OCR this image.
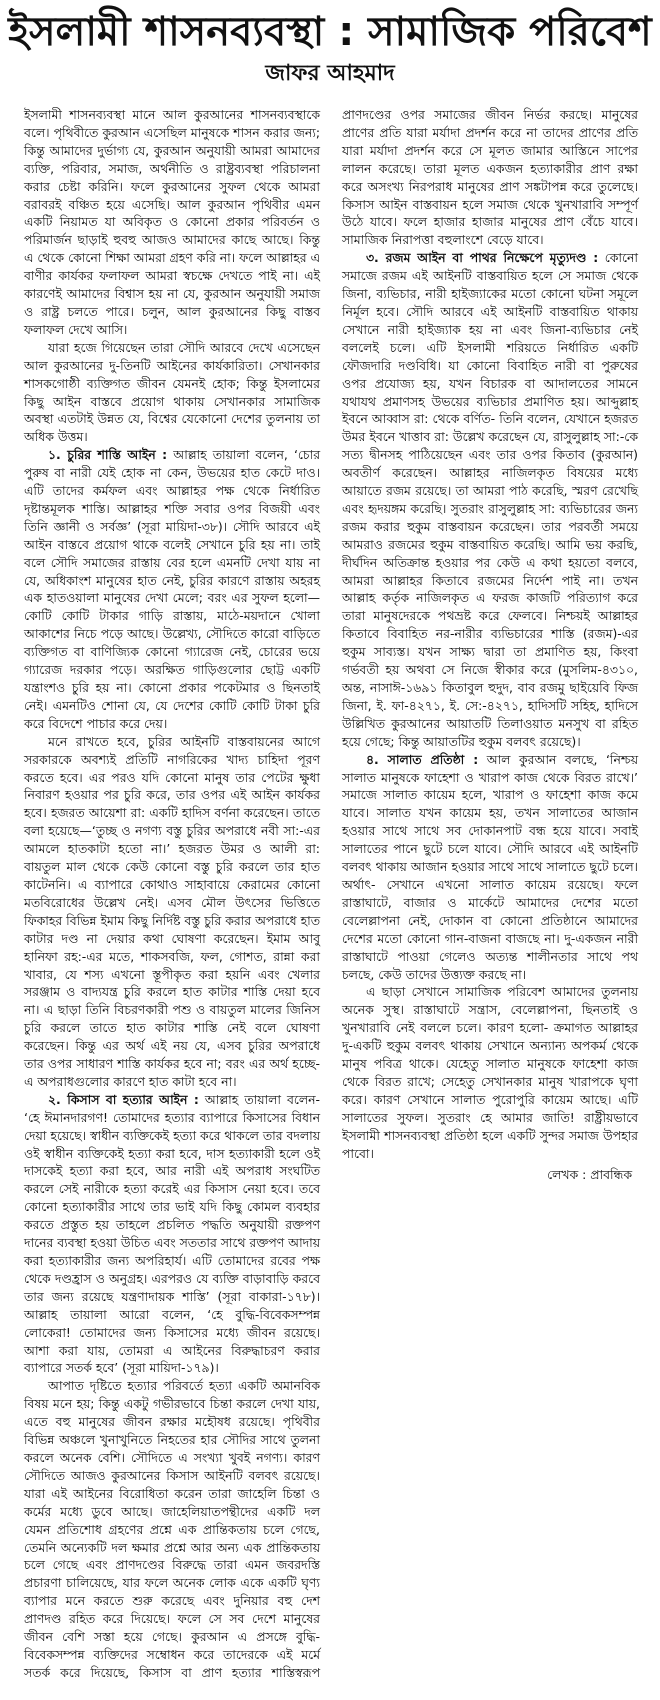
ইসলামী শাসনব্যবস্থা : সামাজিক পরিবেশ
জাফর আহমাদ

ইসলামী শাসনব্যবস্থা মানে আল কুরআনের শাসনব্যবস্থাকে বলে। পৃথিবীতে কুরআন এসেছিল মানুষকে শাসন করার জন্য; কিন্তু আমাদের দুর্ভাগ্য যে, কুরআন অনুযায়ী আমরা আমাদের ব্যক্তি, পরিবার, সমাজ, অর্থনীতি ও রাষ্ট্রব্যবস্থা পরিচালনা করার চেষ্টা করিনি। ফলে কুরআনের সুফল থেকে আমরা বরাবরই বঞ্চিত হয়ে এসেছি। আল কুরআন পৃথিবীর এমন একটি নিয়ামত যা অবিকৃত ও কোনো প্রকার পরিবর্তন ও পরিমার্জন ছাড়াই হুবহু আজও আমাদের কাছে আছে। কিন্তু এ থেকে কোনো শিক্ষা আমরা গ্রহণ করি না। ফলে আল্লাহর এ বাণীর কার্যকর ফলাফল আমরা স্বচক্ষে দেখতে পাই না। এই কারণেই আমাদের বিশ্বাস হয় না যে, কুরআন অনুযায়ী সমাজ ও রাষ্ট্র চলতে পারে। চলুন, আল কুরআনের কিছু বাস্তব ফলাফল দেখে আসি।

যারা হজে গিয়েছেন তারা সৌদি আরবে দেখে এসেছেন আল কুরআনের দু-তিনটি আইনের কার্যকারিতা। সেখানকার শাসকগোষ্ঠী ব্যক্তিগত জীবন যেমনই হোক; কিন্তু ইসলামের কিছু আইন বাস্তবে প্রয়োগ থাকায় সেখানকার সামাজিক অবস্থা এতটাই উন্নত যে, বিশ্বের যেকোনো দেশের তুলনায় তা অধিক উত্তম।

১. চুরির শাস্তি আইন : আল্লাহ তায়ালা বলেন, ‘চোর পুরুষ বা নারী যেই হোক না কেন, উভয়ের হাত কেটে দাও। এটি তাদের কর্মফল এবং আল্লাহর পক্ষ থেকে নির্ধারিত দৃষ্টান্তমূলক শাস্তি। আল্লাহর শক্তি সবার ওপর বিজয়ী এবং তিনি জ্ঞানী ও সর্বজ্ঞ’ (সূরা মায়িদা-৩৮)। সৌদি আরবে এই আইন বাস্তবে প্রয়োগ থাকে বলেই সেখানে চুরি হয় না। তাই বলে সৌদি সমাজের রাস্তায় বের হলে এমনটি দেখা যায় না যে, অধিকাংশ মানুষের হাত নেই, চুরির কারণে রাস্তায় অহরহ এক হাতওয়ালা মানুষের দেখা মেলে; বরং এর সুফল হলো—কোটি কোটি টাকার গাড়ি রাস্তায়, মাঠে-ময়দানে খোলা আকাশের নিচে পড়ে আছে। উল্লেখ্য, সৌদিতে কারো বাড়িতে ব্যক্তিগত বা বাণিজ্যিক কোনো গ্যারেজ নেই, চোরের ভয়ে গ্যারেজ দরকার পড়ে। অরক্ষিত গাড়িগুলোর ছোট্ট একটি যন্ত্রাংশও চুরি হয় না। কোনো প্রকার পকেটমার ও ছিনতাই নেই। এমনটিও শোনা যে, যে দেশের কোটি কোটি টাকা চুরি করে বিদেশে পাচার করে দেয়।

মনে রাখতে হবে, চুরির আইনটি বাস্তবায়নের আগে সরকারকে অবশ্যই প্রতিটি নাগরিকের খাদ্য চাহিদা পূরণ করতে হবে। এর পরও যদি কোনো মানুষ তার পেটের ক্ষুধা নিবারণ হওয়ার পর চুরি করে, তার ওপর এই আইন কার্যকর হবে। হজরত আয়েশা রা: একটি হাদিস বর্ণনা করেছেন। তাতে বলা হয়েছে—‘তুচ্ছ ও নগণ্য বস্তু চুরির অপরাধে নবী সা:-এর আমলে হাতকাটা হতো না।’ হজরত উমর ও আলী রা: বায়তুল মাল থেকে কেউ কোনো বস্তু চুরি করলে তার হাত কাটেননি। এ ব্যাপারে কোথাও সাহাবায়ে কেরামের কোনো মতবিরোধের উল্লেখ নেই। এসব মৌল উৎসের ভিত্তিতে ফিকাহর বিভিন্ন ইমাম কিছু নির্দিষ্ট বস্তু চুরি করার অপরাধে হাত কাটার দণ্ড না দেয়ার কথা ঘোষণা করেছেন। ইমাম আবু হানিফা রহ:-এর মতে, শাকসবজি, ফল, গোশত, রান্না করা খাবার, যে শস্য এখনো স্তূপীকৃত করা হয়নি এবং খেলার সরঞ্জাম ও বাদ্যযন্ত্র চুরি করলে হাত কাটার শাস্তি দেয়া হবে না। এ ছাড়া তিনি বিচরণকারী পশু ও বায়তুল মালের জিনিস চুরি করলে তাতে হাত কাটার শাস্তি নেই বলে ঘোষণা করেছেন। কিন্তু এর অর্থ এই নয় যে, এসব চুরির অপরাধে তার ওপর সাধারণ শাস্তি কার্যকর হবে না; বরং এর অর্থ হচ্ছে- এ অপরাধগুলোর কারণে হাত কাটা হবে না।

২. কিসাস বা হত্যার আইন : আল্লাহ তায়ালা বলেন- ‘হে ঈমানদারগণ! তোমাদের হত্যার ব্যাপারে কিসাসের বিধান দেয়া হয়েছে। স্বাধীন ব্যক্তিকেই হত্যা করে থাকলে তার বদলায় ওই স্বাধীন ব্যক্তিকেই হত্যা করা হবে, দাস হত্যাকারী হলে ওই দাসকেই হত্যা করা হবে, আর নারী এই অপরাধ সংঘটিত করলে সেই নারীকে হত্যা করেই এর কিসাস নেয়া হবে। তবে কোনো হত্যাকারীর সাথে তার ভাই যদি কিছু কোমল ব্যবহার করতে প্রস্তুত হয় তাহলে প্রচলিত পদ্ধতি অনুযায়ী রক্তপণ দানের ব্যবস্থা হওয়া উচিত এবং সততার সাথে রক্তপণ আদায় করা হত্যাকারীর জন্য অপরিহার্য। এটি তোমাদের রবের পক্ষ থেকে দণ্ডহ্রাস ও অনুগ্রহ। এরপরও যে ব্যক্তি বাড়াবাড়ি করবে তার জন্য রয়েছে যন্ত্রণাদায়ক শাস্তি’ (সূরা বাকারা-১৭৮)। আল্লাহ তায়ালা আরো বলেন, ‘হে বুদ্ধি-বিবেকসম্পন্ন লোকেরা! তোমাদের জন্য কিসাসের মধ্যে জীবন রয়েছে। আশা করা যায়, তোমরা এ আইনের বিরুদ্ধাচরণ করার ব্যাপারে সতর্ক হবে’ (সূরা মায়িদা-১৭৯)।

আপাত দৃষ্টিতে হত্যার পরিবর্তে হত্যা একটি অমানবিক বিষয় মনে হয়; কিন্তু একটু গভীরভাবে চিন্তা করলে দেখা যায়, এতে বহু মানুষের জীবন রক্ষার মহৌষধ রয়েছে। পৃথিবীর বিভিন্ন অঞ্চলে খুনাখুনিতে নিহতের হার সৌদির সাথে তুলনা করলে অনেক বেশি। সৌদিতে এ সংখ্যা খুবই নগণ্য। কারণ সৌদিতে আজও কুরআনের কিসাস আইনটি বলবৎ রয়েছে। যারা এই আইনের বিরোধিতা করেন তারা জাহেলি চিন্তা ও কর্মের মধ্যে ডুবে আছে। জাহেলিয়াতপন্থীদের একটি দল যেমন প্রতিশোধ গ্রহণের প্রশ্নে এক প্রান্তিকতায় চলে গেছে, তেমনি অন্যেকটি দল ক্ষমার প্রশ্নে আর অন্য এক প্রান্তিকতায় চলে গেছে এবং প্রাণদণ্ডের বিরুদ্ধে তারা এমন জবরদস্তি প্রচারণা চালিয়েছে, যার ফলে অনেক লোক একে একটি ঘৃণ্য ব্যাপার মনে করতে শুরু করেছে এবং দুনিয়ার বহু দেশ প্রাণদণ্ড রহিত করে দিয়েছে। ফলে সে সব দেশে মানুষের জীবন বেশি সস্তা হয়ে গেছে। কুরআন এ প্রসঙ্গে বুদ্ধি-বিবেকসম্পন্ন ব্যক্তিদের সম্বোধন করে তাদেরকে এই মর্মে সতর্ক করে দিয়েছে, কিসাস বা প্রাণ হত্যার শাস্তিস্বরূপ প্রাণদণ্ডের ওপর সমাজের জীবন নির্ভর করছে। মানুষের প্রাণের প্রতি যারা মর্যাদা প্রদর্শন করে না তাদের প্রাণের প্রতি যারা মর্যাদা প্রদর্শন করে সে মূলত জামার আস্তিনে সাপের লালন করেছে। তারা মূলত একজন হত্যাকারীর প্রাণ রক্ষা করে অসংখ্য নিরপরাধ মানুষের প্রাণ সঙ্কটাপন্ন করে তুলেছে। কিসাস আইন বাস্তবায়ন হলে সমাজ থেকে খুনখারাবি সম্পূর্ণ উঠে যাবে। ফলে হাজার হাজার মানুষের প্রাণ বেঁচে যাবে। সামাজিক নিরাপত্তা বহুলাংশে বেড়ে যাবে।

৩. রজম আইন বা পাথর নিক্ষেপে মৃত্যুদণ্ড : কোনো সমাজে রজম এই আইনটি বাস্তবায়িত হলে সে সমাজ থেকে জিনা, ব্যভিচার, নারী হাইজ্যাকের মতো কোনো ঘটনা সমূলে নির্মূল হবে। সৌদি আরবে এই আইনটি বাস্তবায়িত থাকায় সেখানে নারী হাইজ্যাক হয় না এবং জিনা-ব্যভিচার নেই বললেই চলে। এটি ইসলামী শরিয়তে নির্ধারিত একটি ফৌজদারি দণ্ডবিধি। যা কোনো বিবাহিত নারী বা পুরুষের ওপর প্রযোজ্য হয়, যখন বিচারক বা আদালতের সামনে যথাযথ প্রমাণসহ উভয়ের ব্যভিচার প্রমাণিত হয়। আব্দুল্লাহ ইবনে আব্বাস রা: থেকে বর্ণিত- তিনি বলেন, যেখানে হজরত উমর ইবনে খাত্তাব রা: উল্লেখ করেছেন যে, রাসুলুল্লাহ সা:-কে সত্য দ্বীনসহ পাঠিয়েছেন এবং তার ওপর কিতাব (কুরআন) অবতীর্ণ করেছেন। আল্লাহর নাজিলকৃত বিষয়ের মধ্যে আয়াতে রজম রয়েছে। তা আমরা পাঠ করেছি, স্মরণ রেখেছি এবং হৃদয়ঙ্গম করেছি। সুতরাং রাসুলুল্লাহ সা: ব্যভিচারের জন্য রজম করার হুকুম বাস্তবায়ন করেছেন। তার পরবর্তী সময়ে আমরাও রজমের হুকুম বাস্তবায়িত করেছি। আমি ভয় করছি, দীর্ঘদিন অতিক্রান্ত হওয়ার পর কেউ এ কথা হয়তো বলবে, আমরা আল্লাহর কিতাবে রজমের নির্দেশ পাই না। তখন আল্লাহ কর্তৃক নাজিলকৃত এ ফরজ কাজটি পরিত্যাগ করে তারা মানুষদেরকে পথভ্রষ্ট করে ফেলবে। নিশ্চয়ই আল্লাহর কিতাবে বিবাহিত নর-নারীর ব্যভিচারের শাস্তি (রজম)-এর হুকুম সাব্যস্ত। যখন সাক্ষ্য দ্বারা তা প্রমাণিত হয়, কিংবা গর্ভবতী হয় অথবা সে নিজে স্বীকার করে (মুসলিম-৪৩১০, অন্ত, নাসাঈ-১৬৯১ কিতাবুল হুদুদ, বাব রজমু ছাইয়েবি ফিজ জিনা, ই. ফা-৪২৭১, ই. সে:-৪২৭১, হাদিসটি সহিহ, হাদিসে উল্লিখিত কুরআনের আয়াতটি তিলাওয়াত মনসুখ বা রহিত হয়ে গেছে; কিন্তু আয়াতটির হুকুম বলবৎ রয়েছে)।

৪. সালাত প্রতিষ্ঠা : আল কুরআন বলছে, ‘নিশ্চয় সালাত মানুষকে ফাহেশা ও খারাপ কাজ থেকে বিরত রাখে।’ সমাজে সালাত কায়েম হলে, খারাপ ও ফাহেশা কাজ কমে যাবে। সালাত যখন কায়েম হয়, তখন সালাতের আজান হওয়ার সাথে সাথে সব দোকানপাট বন্ধ হয়ে যাবে। সবাই সালাতের পানে ছুটে চলে যাবে। সৌদি আরবে এই আইনটি বলবৎ থাকায় আজান হওয়ার সাথে সাথে সালাতে ছুটে চলে। অর্থাৎ- সেখানে এখনো সালাত কায়েম রয়েছে। ফলে রাস্তাঘাটে, বাজার ও মার্কেটে আমাদের দেশের মতো বেলেল্লাপনা নেই, দোকান বা কোনো প্রতিষ্ঠানে আমাদের দেশের মতো কোনো গান-বাজনা বাজছে না। দু-একজন নারী রাস্তাঘাটে পাওয়া গেলেও অত্যন্ত শালীনতার সাথে পথ চলছে, কেউ তাদের উত্ত্যক্ত করছে না।

এ ছাড়া সেখানে সামাজিক পরিবেশ আমাদের তুলনায় অনেক সুস্থ। রাস্তাঘাটে সন্ত্রাস, বেলেল্লাপনা, ছিনতাই ও খুনখারাবি নেই বললে চলে। কারণ হলো- ক্রমাগত আল্লাহর দু-একটি হুকুম বলবৎ থাকায় সেখানে অন্যান্য অপকর্ম থেকে মানুষ পবিত্র থাকে। যেহেতু সালাত মানুষকে ফাহেশা কাজ থেকে বিরত রাখে; সেহেতু সেখানকার মানুষ খারাপকে ঘৃণা করে। কারণ সেখানে সালাত পুরোপুরি কায়েম আছে। এটি সালাতের সুফল। সুতরাং হে আমার জাতি! রাষ্ট্রীয়ভাবে ইসলামী শাসনব্যবস্থা প্রতিষ্ঠা হলে একটি সুন্দর সমাজ উপহার পাবো।

লেখক : প্রাবন্ধিক
